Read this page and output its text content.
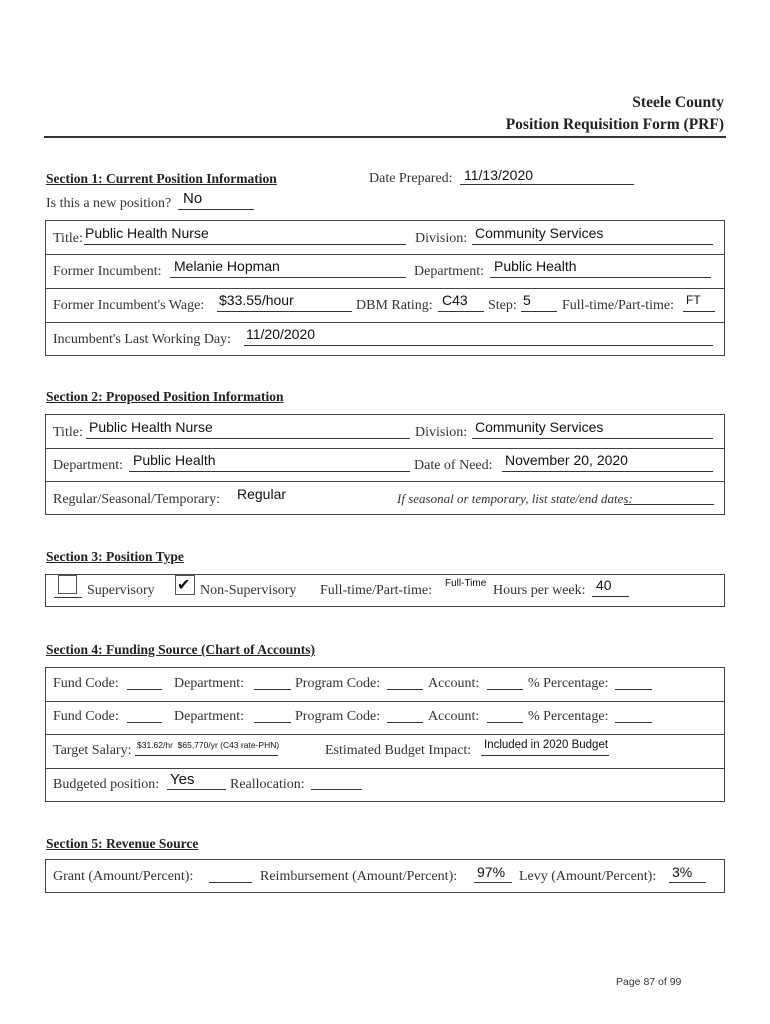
Steele County
Position Requisition Form (PRF)
Section 1: Current Position Information	Date Prepared: 11/13/2020
Is this a new position? No
Title: Public Health Nurse	Division: Community Services
Former Incumbent: Melanie Hopman	Department: Public Health
Former Incumbent's Wage: $33.55/hour	DBM Rating: C43 Step: 5 Full-time/Part-time: FT
Incumbent's Last Working Day: 11/20/2020
Section 2: Proposed Position Information
Title: Public Health Nurse	Division: Community Services
Department: Public Health	Date of Need: November 20, 2020
Regular/Seasonal/Temporary: Regular	If seasonal or temporary, list state/end dates:
Section 3: Position Type
Supervisory ✔ Non-Supervisory Full-time/Part-time: Full-Time Hours per week: 40
Section 4: Funding Source (Chart of Accounts)
Fund Code:	Department:	Program Code:	Account:	% Percentage:
Fund Code:	Department:	Program Code:	Account:	% Percentage:
Target Salary: $31.62/hr  $65,770/yr (C43 rate-PHN)	Estimated Budget Impact: Included in 2020 Budget
Budgeted position: Yes	Reallocation:
Section 5: Revenue Source
Grant (Amount/Percent):	Reimbursement (Amount/Percent): 97% Levy (Amount/Percent): 3%
Page 87 of 99
